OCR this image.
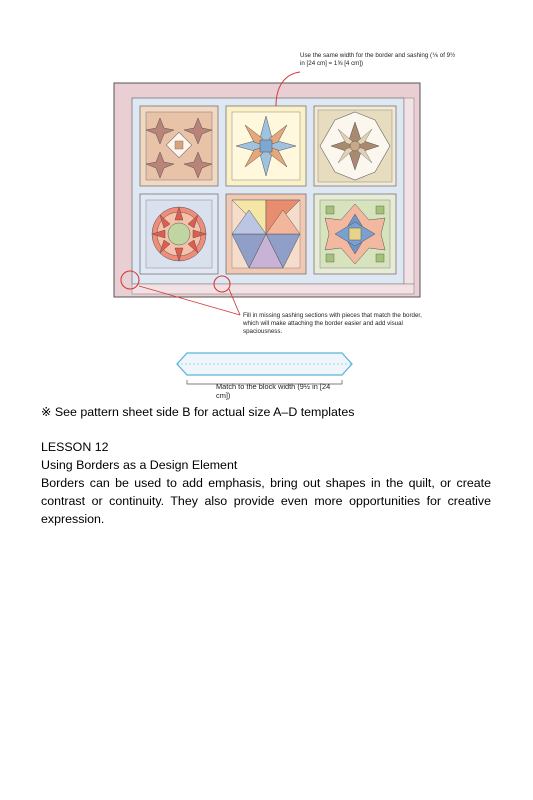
Use the same width for the border and sashing (⅙ of 9½ in [24 cm] = 1⅝ [4 cm])
Fill in missing sashing sections with pieces that match the border, which will make attaching the border easier and add visual spaciousness.
Match to the block width (9½ in [24 cm])
※ See pattern sheet side B for actual size A–D templates
LESSON 12
Using Borders as a Design Element

Borders can be used to add emphasis, bring out shapes in the quilt, or create contrast or continuity. They also provide even more opportunities for creative expression.
